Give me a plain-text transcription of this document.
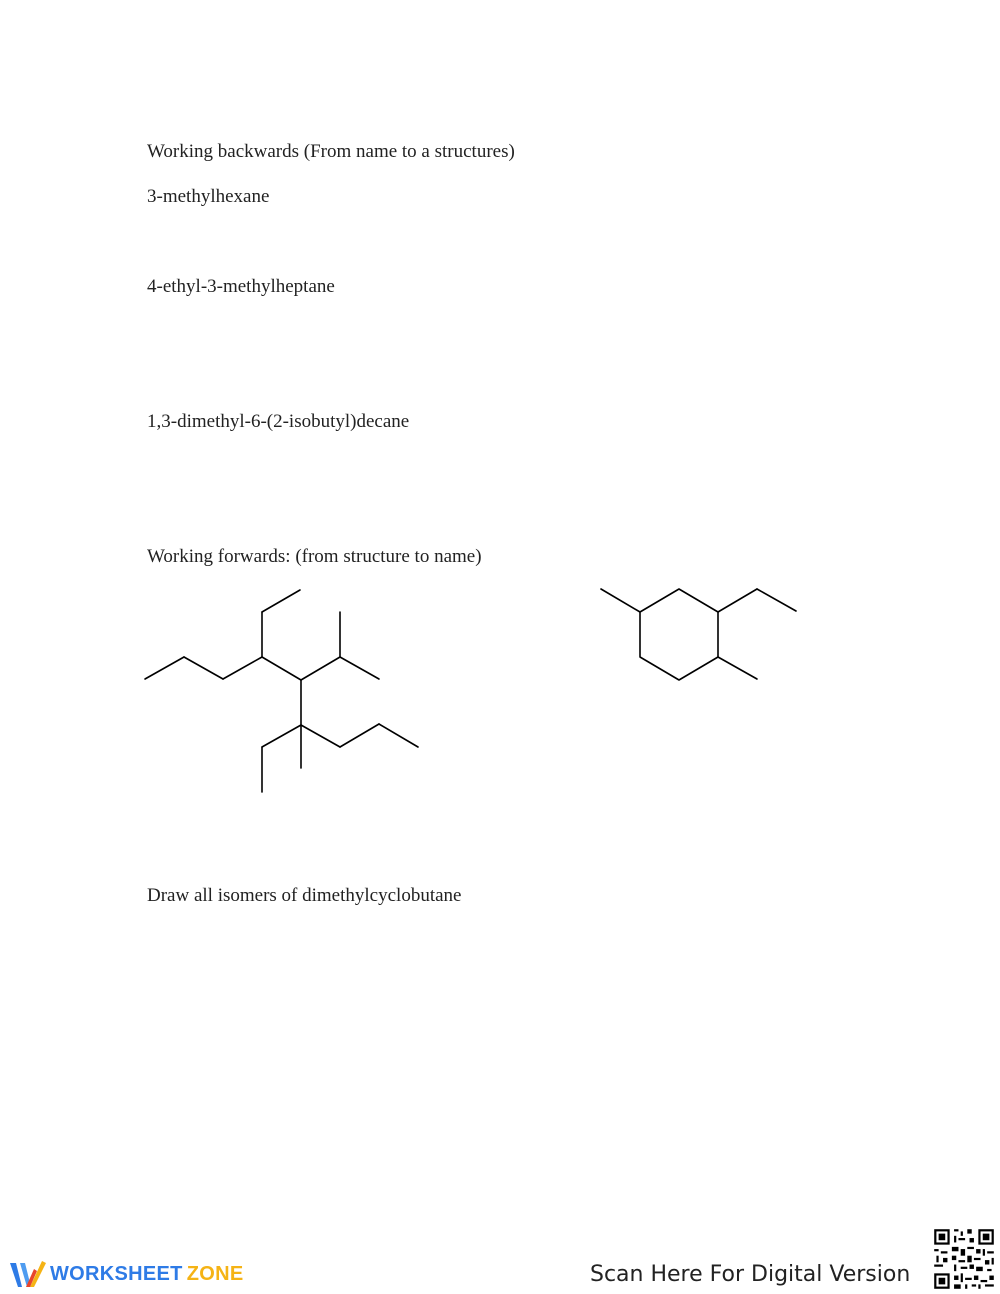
Working backwards (From name to a structures)
3-methylhexane
4-ethyl-3-methylheptane
1,3-dimethyl-6-(2-isobutyl)decane
Working forwards: (from structure to name)
Draw all isomers of dimethylcyclobutane
WORKSHEET ZONE	Scan Here For Digital Version
